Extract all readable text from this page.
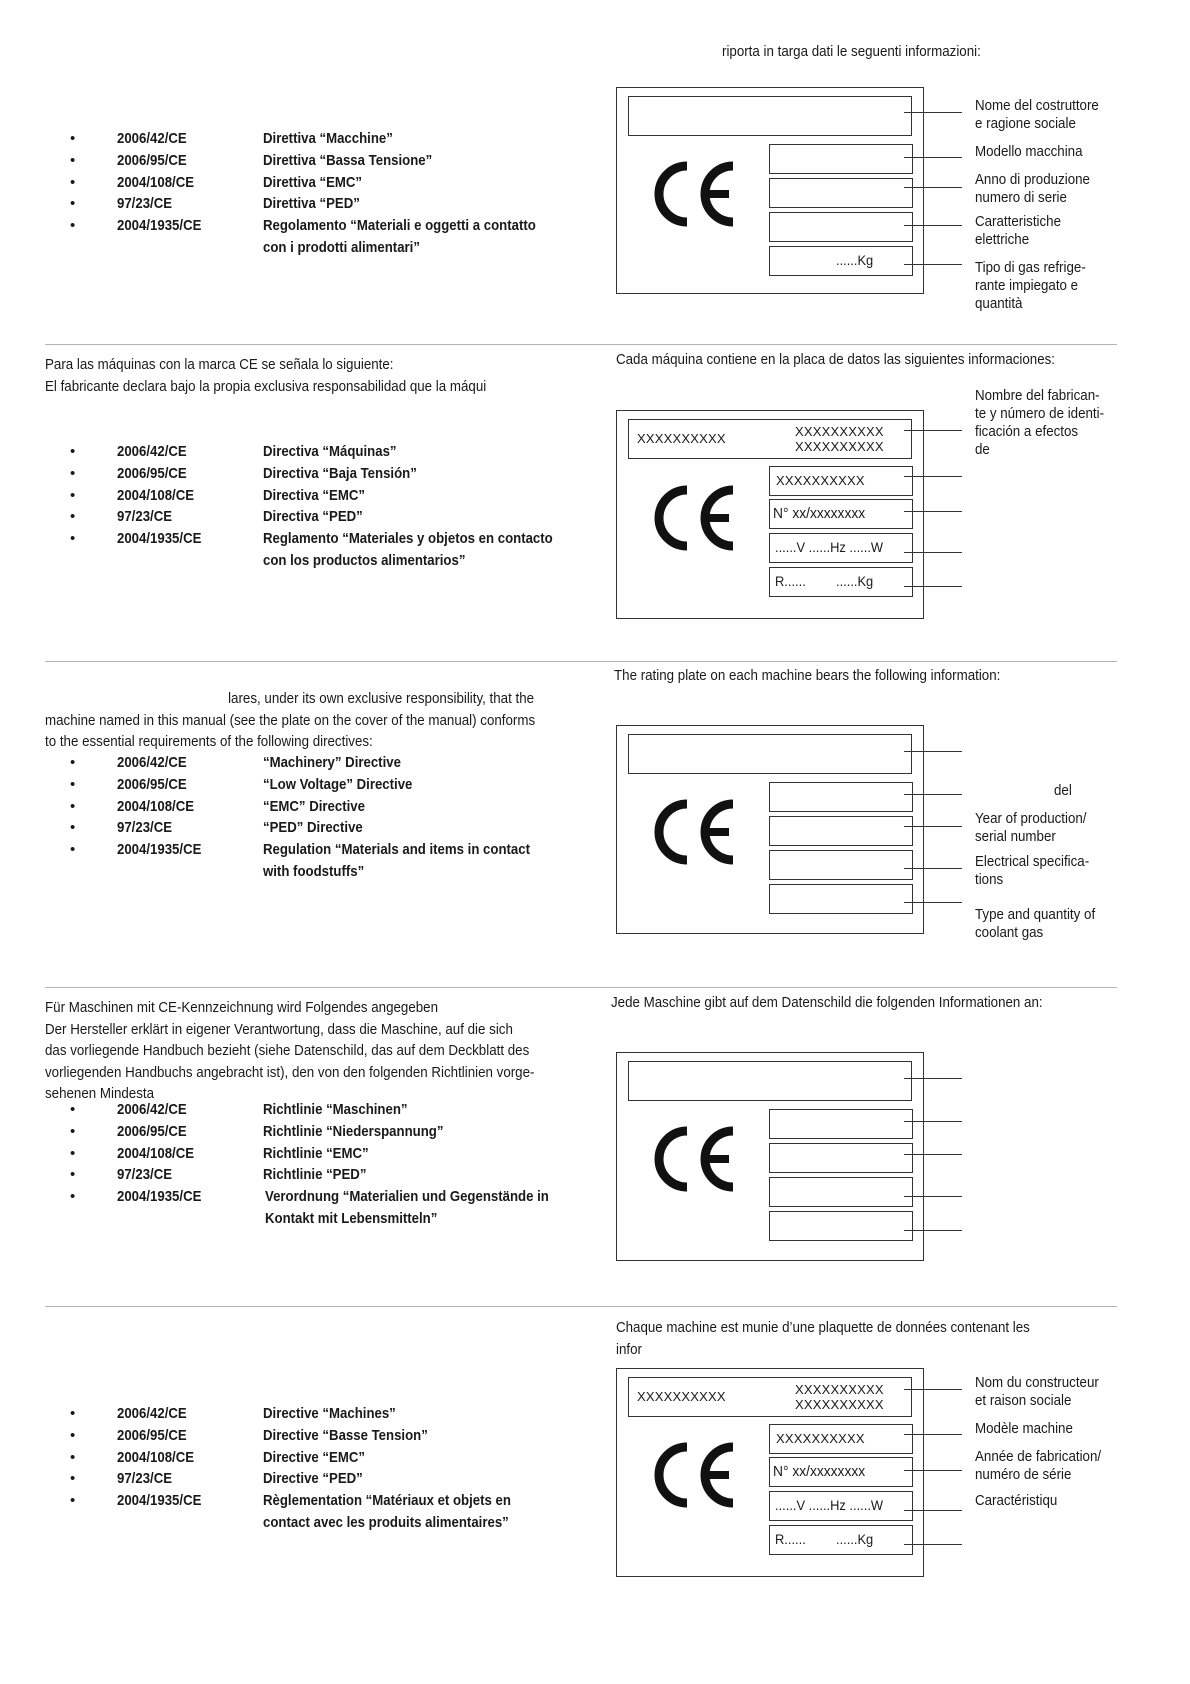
riporta in targa dati le seguenti informazioni:
•	2006/42/CE	Direttiva “Macchine”
•	2006/95/CE	Direttiva “Bassa Tensione”
•	2004/108/CE	Direttiva “EMC”
•	97/23/CE	Direttiva “PED”
•	2004/1935/CE	Regolamento “Materiali e oggetti a contatto
con i prodotti alimentari”
......Kg
Nome del costruttore
e ragione sociale
Modello macchina
Anno di produzione
numero di serie
Caratteristiche
elettriche
Tipo di gas refrige-
rante impiegato e
quantità
Para las máquinas con la marca CE se señala lo siguiente:
El fabricante declara bajo la propia exclusiva responsabilidad que la máqui
Cada máquina contiene en la placa de datos las siguientes informaciones:
•	2006/42/CE	Directiva “Máquinas”
•	2006/95/CE	Directiva “Baja Tensión”
•	2004/108/CE	Directiva “EMC”
•	97/23/CE	Directiva “PED”
•	2004/1935/CE	Reglamento “Materiales y objetos en contacto
con los productos alimentarios”
XXXXXXXXXX	XXXXXXXXXX
XXXXXXXXXX
XXXXXXXXXX
N° xx/xxxxxxxx
......V ......Hz ......W
R...... ......Kg
Nombre del fabrican-
te y número de identi-
ficación a efectos
de
lares, under its own exclusive responsibility, that the
machine named in this manual (see the plate on the cover of the manual) conforms
to the essential requirements of the following directives:
The rating plate on each machine bears the following information:
•	2006/42/CE	“Machinery” Directive
•	2006/95/CE	“Low Voltage” Directive
•	2004/108/CE	“EMC” Directive
•	97/23/CE	“PED” Directive
•	2004/1935/CE	Regulation “Materials and items in contact
with foodstuffs”
del
Year of production/
serial number
Electrical specifica-
tions
Type and quantity of
coolant gas
Für Maschinen mit CE-Kennzeichnung wird Folgendes angegeben
Der Hersteller erklärt in eigener Verantwortung, dass die Maschine, auf die sich
das vorliegende Handbuch bezieht (siehe Datenschild, das auf dem Deckblatt des
vorliegenden Handbuchs angebracht ist), den von den folgenden Richtlinien vorge-
sehenen Mindesta
Jede Maschine gibt auf dem Datenschild die folgenden Informationen an:
•	2006/42/CE	Richtlinie “Maschinen”
•	2006/95/CE	Richtlinie “Niederspannung”
•	2004/108/CE	Richtlinie “EMC”
•	97/23/CE	Richtlinie “PED”
•	2004/1935/CE	Verordnung “Materialien und Gegenstände in
Kontakt mit Lebensmitteln”
Chaque machine est munie d’une plaquette de données contenant les
infor
•	2006/42/CE	Directive “Machines”
•	2006/95/CE	Directive “Basse Tension”
•	2004/108/CE	Directive “EMC”
•	97/23/CE	Directive “PED”
•	2004/1935/CE	Règlementation “Matériaux et objets en
contact avec les produits alimentaires”
XXXXXXXXXX	XXXXXXXXXX
XXXXXXXXXX
XXXXXXXXXX
N° xx/xxxxxxxx
......V ......Hz ......W
R...... ......Kg
Nom du constructeur
et raison sociale
Modèle machine
Année de fabrication/
numéro de série
Caractéristiqu
